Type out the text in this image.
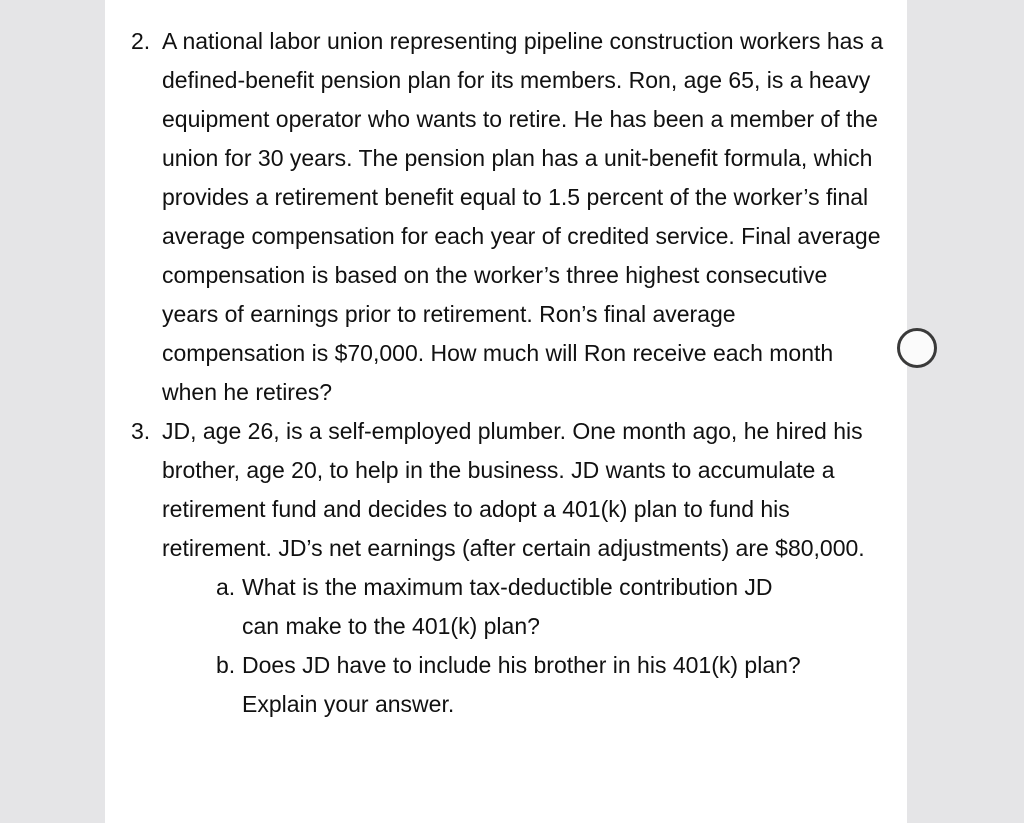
2. A national labor union representing pipeline construction workers has a defined-benefit pension plan for its members. Ron, age 65, is a heavy equipment operator who wants to retire. He has been a member of the union for 30 years. The pension plan has a unit-benefit formula, which provides a retirement benefit equal to 1.5 percent of the worker’s final average compensation for each year of credited service. Final average compensation is based on the worker’s three highest consecutive years of earnings prior to retirement. Ron’s final average compensation is $70,000. How much will Ron receive each month when he retires?
3. JD, age 26, is a self-employed plumber. One month ago, he hired his brother, age 20, to help in the business. JD wants to accumulate a retirement fund and decides to adopt a 401(k) plan to fund his retirement. JD’s net earnings (after certain adjustments) are $80,000.
a. What is the maximum tax-deductible contribution JD can make to the 401(k) plan?
b. Does JD have to include his brother in his 401(k) plan? Explain your answer.
